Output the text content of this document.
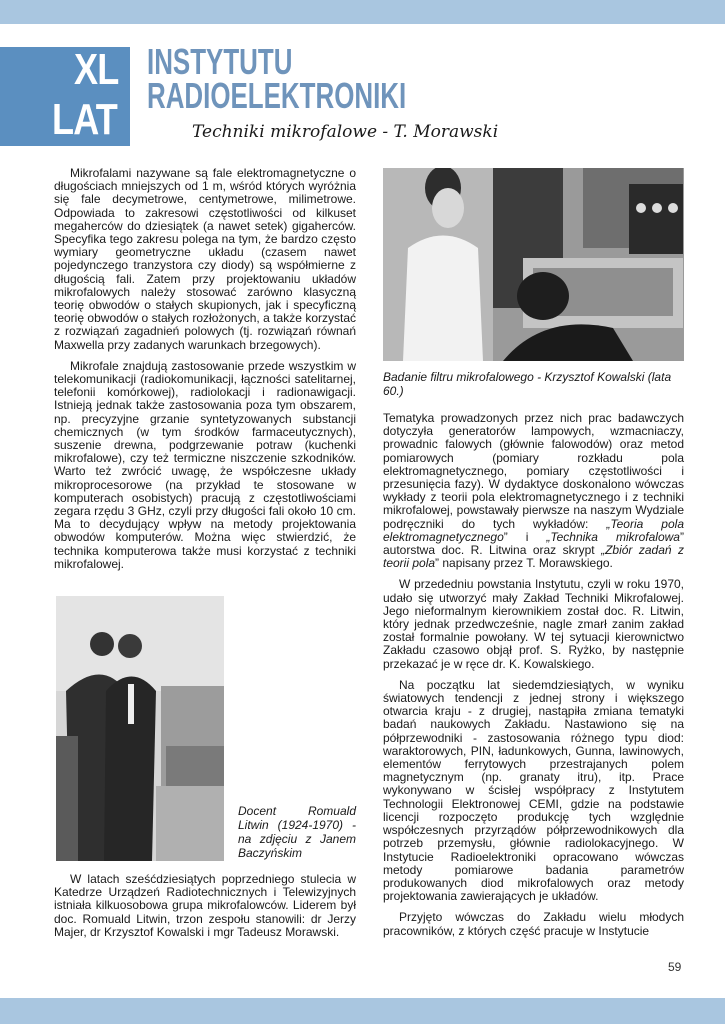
XL
LAT
INSTYTUTU
RADIOELEKTRONIKI
Techniki mikrofalowe - T. Morawski

Mikrofalami nazywane są fale elektromagnetyczne o długościach mniejszych od 1 m, wśród których wyróżnia się fale decymetrowe, centymetrowe, milimetrowe. Odpowiada to zakresowi częstotliwości od kilkuset megaherców do dziesiątek (a nawet setek) gigaherców. Specyfika tego zakresu polega na tym, że bardzo często wymiary geometryczne układu (czasem nawet pojedynczego tranzystora czy diody) są współmierne z długością fali. Zatem przy projektowaniu układów mikrofalowych należy stosować zarówno klasyczną teorię obwodów o stałych skupionych, jak i specyficzną teorię obwodów o stałych rozłożonych, a także korzystać z rozwiązań zagadnień polowych (tj. rozwiązań równań Maxwella przy zadanych warunkach brzegowych).

Mikrofale znajdują zastosowanie przede wszystkim w telekomunikacji (radiokomunikacji, łączności satelitarnej, telefonii komórkowej), radiolokacji i radionawigacji. Istnieją jednak także zastosowania poza tym obszarem, np. precyzyjne grzanie syntetyzowanych substancji chemicznych (w tym środków farmaceutycznych), suszenie drewna, podgrzewanie potraw (kuchenki mikrofalowe), czy też termiczne niszczenie szkodników. Warto też zwrócić uwagę, że współczesne układy mikroprocesorowe (na przykład te stosowane w komputerach osobistych) pracują z częstotliwościami zegara rzędu 3 GHz, czyli przy długości fali około 10 cm. Ma to decydujący wpływ na metody projektowania obwodów komputerów. Można więc stwierdzić, że technika komputerowa także musi korzystać z techniki mikrofalowej.

Badanie filtru mikrofalowego - Krzysztof Kowalski (lata 60.)
Docent Romuald Litwin (1924-1970) - na zdjęciu z Janem Baczyńskim

W latach sześćdziesiątych poprzedniego stulecia w Katedrze Urządzeń Radiotechnicznych i Telewizyjnych istniała kilkuosobowa grupa mikrofalowców. Liderem był doc. Romuald Litwin, trzon zespołu stanowili: dr Jerzy Majer, dr Krzysztof Kowalski i mgr Tadeusz Morawski.

Tematyka prowadzonych przez nich prac badawczych dotyczyła generatorów lampowych, wzmacniaczy, prowadnic falowych (głównie falowodów) oraz metod pomiarowych (pomiary rozkładu pola elektromagnetycznego, pomiary częstotliwości i przesunięcia fazy). W dydaktyce doskonalono wówczas wykłady z teorii pola elektromagnetycznego i z techniki mikrofalowej, powstawały pierwsze na naszym Wydziale podręczniki do tych wykładów: „Teoria pola elektromagnetycznego” i „Technika mikrofalowa” autorstwa doc. R. Litwina oraz skrypt „Zbiór zadań z teorii pola” napisany przez T. Morawskiego.

W przededniu powstania Instytutu, czyli w roku 1970, udało się utworzyć mały Zakład Techniki Mikrofalowej. Jego nieformalnym kierownikiem został doc. R. Litwin, który jednak przedwcześnie, nagle zmarł zanim zakład został formalnie powołany. W tej sytuacji kierownictwo Zakładu czasowo objął prof. S. Ryżko, by następnie przekazać je w ręce dr. K. Kowalskiego.

Na początku lat siedemdziesiątych, w wyniku światowych tendencji z jednej strony i większego otwarcia kraju - z drugiej, nastąpiła zmiana tematyki badań naukowych Zakładu. Nastawiono się na półprzewodniki - zastosowania różnego typu diod: waraktorowych, PIN, ładunkowych, Gunna, lawinowych, elementów ferrytowych przestrajanych polem magnetycznym (np. granaty itru), itp. Prace wykonywano w ścisłej współpracy z Instytutem Technologii Elektronowej CEMI, gdzie na podstawie licencji rozpoczęto produkcję tych względnie współczesnych przyrządów półprzewodnikowych dla potrzeb przemysłu, głównie radiolokacyjnego. W Instytucie Radioelektroniki opracowano wówczas metody pomiarowe badania parametrów produkowanych diod mikrofalowych oraz metody projektowania zawierających je układów.

Przyjęto wówczas do Zakładu wielu młodych pracowników, z których część pracuje w Instytucie

59
